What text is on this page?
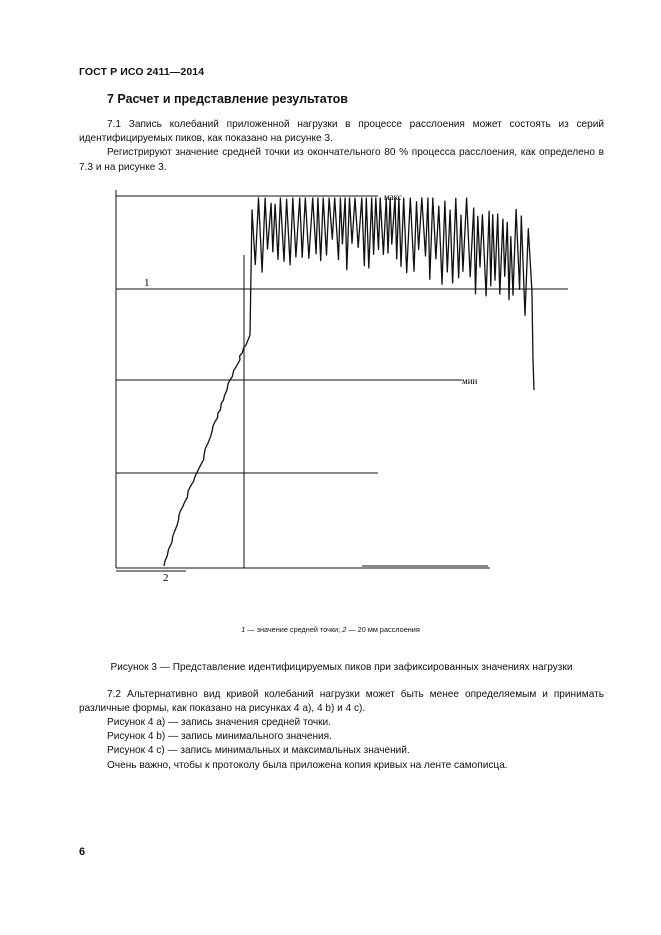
ГОСТ Р ИСО 2411—2014
7 Расчет и представление результатов

7.1 Запись колебаний приложенной нагрузки в процессе расслоения может состоять из серий идентифицируемых пиков, как показано на рисунке 3.

Регистрируют значение средней точки из окончательного 80 % процесса расслоения, как определено в 7.3 и на рисунке 3.

макс
мин
1
2
1 — значение средней точки; 2 — 20 мм расслоения
Рисунок 3 — Представление идентифицируемых пиков при зафиксированных значениях нагрузки

7.2 Альтернативно вид кривой колебаний нагрузки может быть менее определяемым и принимать различные формы, как показано на рисунках 4 а), 4 b) и 4 с).

Рисунок 4 а) — запись значения средней точки.
Рисунок 4 b) — запись минимального значения.
Рисунок 4 с) — запись минимальных и максимальных значений.
Очень важно, чтобы к протоколу была приложена копия кривых на ленте самописца.
6
